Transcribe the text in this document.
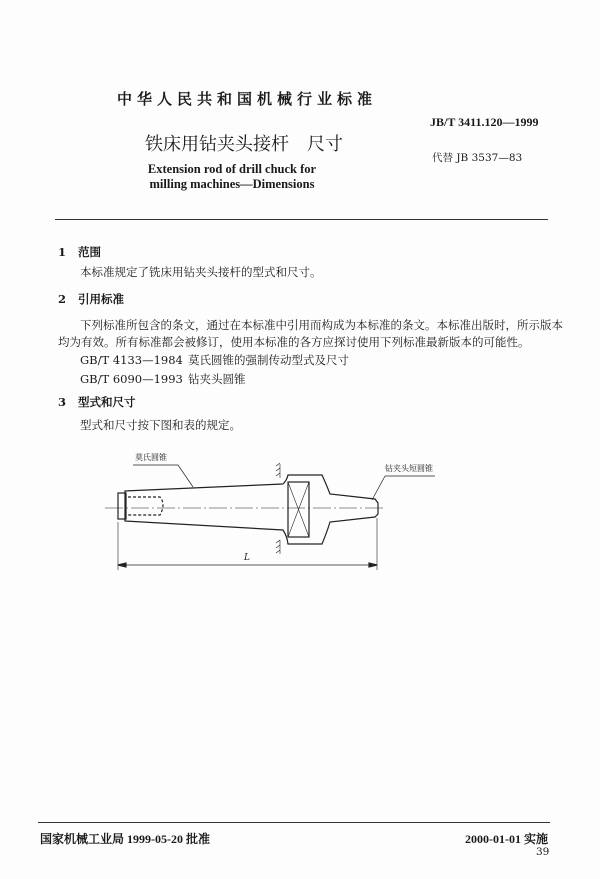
中华人民共和国机械行业标准
JB/T 3411.120—1999
铁床用钻夹头接杆　尺寸
代替 JB 3537—83
Extension rod of drill chuck for
milling machines—Dimensions
1 范围
本标准规定了铣床用钻夹头接杆的型式和尺寸。
2 引用标准
下列标准所包含的条文，通过在本标准中引用而构成为本标准的条文。本标准出版时，所示版本
均为有效。所有标准都会被修订，使用本标准的各方应探讨使用下列标准最新版本的可能性。
GB/T 4133—1984 莫氏圆锥的强制传动型式及尺寸
GB/T 6090—1993 钻夹头圆锥
3 型式和尺寸
型式和尺寸按下图和表的规定。
莫氏圆锥
钻夹头短圆锥
L
国家机械工业局 1999-05-20 批准	2000-01-01 实施
39
